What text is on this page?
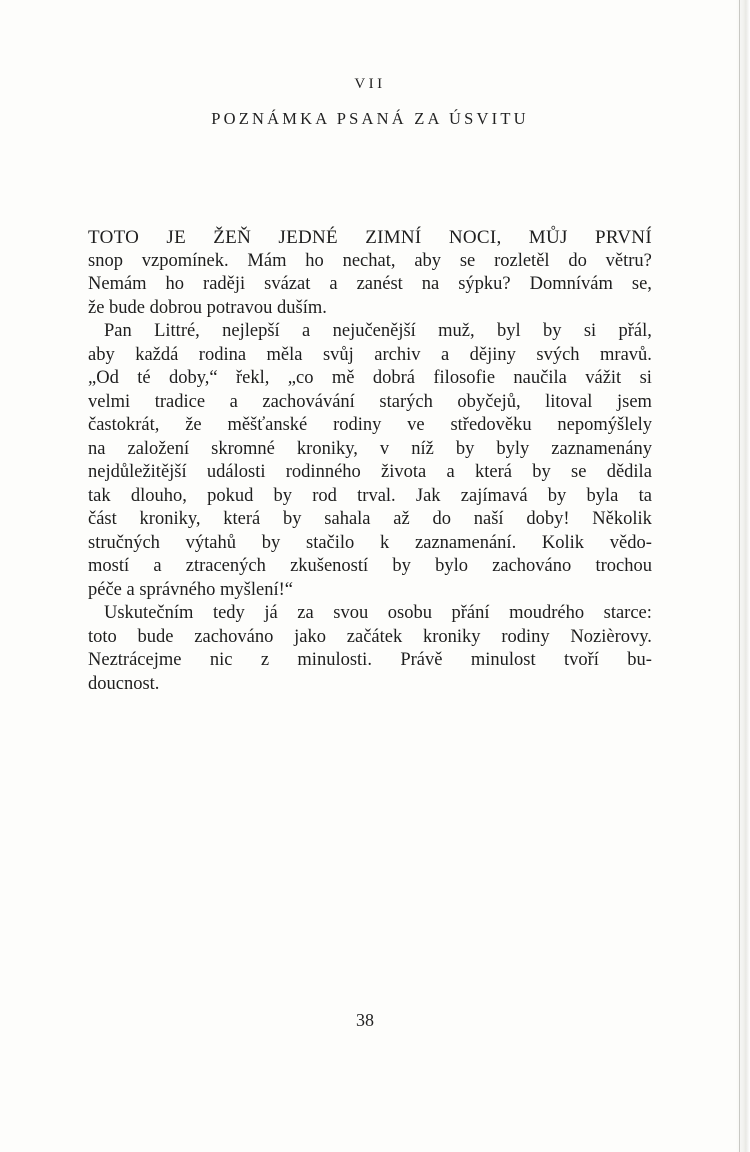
VII
POZNÁMKA PSANÁ ZA ÚSVITU
TOTO JE ŽEŇ JEDNÉ ZIMNÍ NOCI, MŮJ PRVNÍ
snop vzpomínek. Mám ho nechat, aby se rozletěl do větru?
Nemám ho raději svázat a zanést na sýpku? Domnívám se,
že bude dobrou potravou duším.
Pan Littré, nejlepší a nejučenější muž, byl by si přál,
aby každá rodina měla svůj archiv a dějiny svých mravů.
„Od té doby,“ řekl, „co mě dobrá filosofie naučila vážit si
velmi tradice a zachovávání starých obyčejů, litoval jsem
častokrát, že měšťanské rodiny ve středověku nepomýšlely
na založení skromné kroniky, v níž by byly zaznamenány
nejdůležitější události rodinného života a která by se dědila
tak dlouho, pokud by rod trval. Jak zajímavá by byla ta
část kroniky, která by sahala až do naší doby! Několik
stručných výtahů by stačilo k zaznamenání. Kolik vědo-
mostí a ztracených zkušeností by bylo zachováno trochou
péče a správného myšlení!“
Uskutečním tedy já za svou osobu přání moudrého starce:
toto bude zachováno jako začátek kroniky rodiny Nozièrovy.
Neztrácejme nic z minulosti. Právě minulost tvoří bu-
doucnost.
38
